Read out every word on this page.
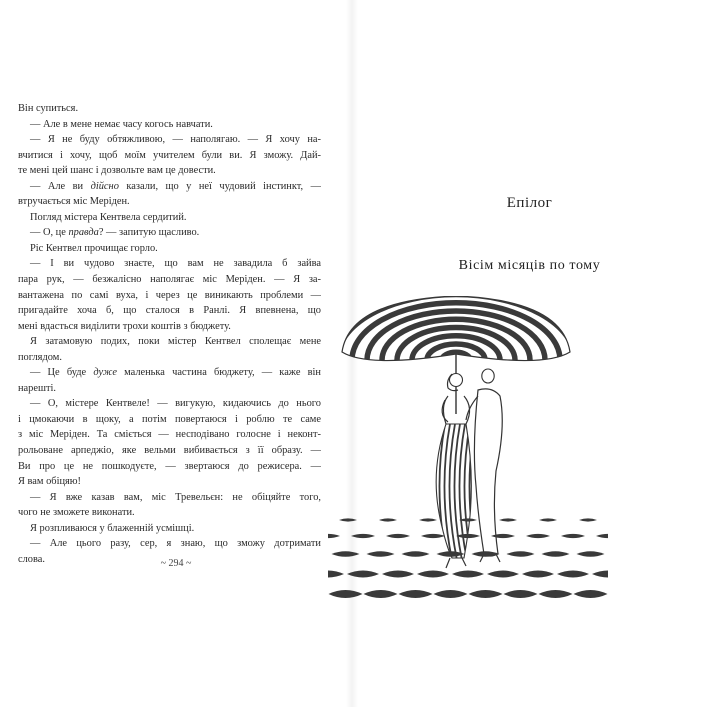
Він супиться.
— Але в мене немає часу когось навчати.
— Я не буду обтяжливою, — наполягаю. — Я хочу на-
вчитися і хочу, щоб моїм учителем були ви. Я зможу. Дай-
те мені цей шанс і дозвольте вам це довести.
— Але ви дійсно казали, що у неї чудовий інстинкт, —
втручається міс Меріден.
Погляд містера Кентвела сердитий.
— О, це правда? — запитую щасливо.
Ріс Кентвел прочищає горло.
— І ви чудово знаєте, що вам не завадила б зайва
пара рук, — безжалісно наполягає міс Меріден. — Я за-
вантажена по самі вуха, і через це виникають проблеми —
пригадайте хоча б, що сталося в Ранлі. Я впевнена, що
мені вдасться виділити трохи коштів з бюджету.
Я затамовую подих, поки містер Кентвел сполещає мене
поглядом.
— Це буде дуже маленька частина бюджету, — каже він
нарешті.
— О, містере Кентвеле! — вигукую, кидаючись до нього
і цмокаючи в щоку, а потім повертаюся і роблю те саме
з міс Меріден. Та сміється — несподівано голосне і неконт-
рольоване арпеджіо, яке вельми вибивається з її образу. —
Ви про це не пошкодуєте, — звертаюся до режисера. —
Я вам обіцяю!
— Я вже казав вам, міс Тревельєн: не обіцяйте того,
чого не зможете виконати.
Я розпливаюся у блаженній усмішці.
— Але цього разу, сер, я знаю, що зможу дотримати
слова.	~ 294 ~
Епілог
Вісім місяців по тому
